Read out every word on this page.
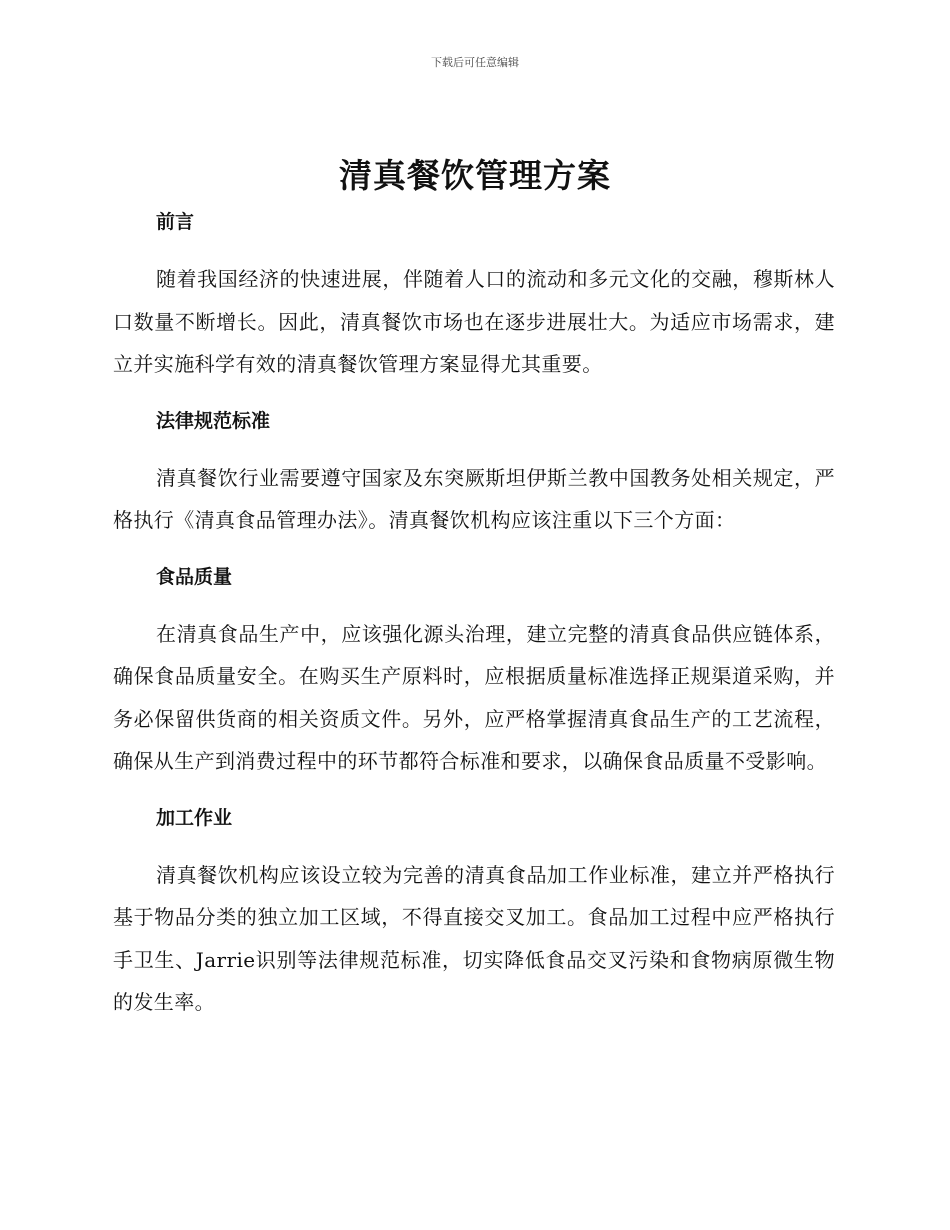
下载后可任意编辑
清真餐饮管理方案
前言

随着我国经济的快速进展，伴随着人口的流动和多元文化的交融，穆斯林人口数量不断增长。因此，清真餐饮市场也在逐步进展壮大。为适应市场需求，建立并实施科学有效的清真餐饮管理方案显得尤其重要。

法律规范标准

清真餐饮行业需要遵守国家及东突厥斯坦伊斯兰教中国教务处相关规定，严格执行《清真食品管理办法》。清真餐饮机构应该注重以下三个方面：

食品质量

在清真食品生产中，应该强化源头治理，建立完整的清真食品供应链体系，确保食品质量安全。在购买生产原料时，应根据质量标准选择正规渠道采购，并务必保留供货商的相关资质文件。另外，应严格掌握清真食品生产的工艺流程，确保从生产到消费过程中的环节都符合标准和要求，以确保食品质量不受影响。

加工作业

清真餐饮机构应该设立较为完善的清真食品加工作业标准，建立并严格执行基于物品分类的独立加工区域，不得直接交叉加工。食品加工过程中应严格执行手卫生、Jarrie识别等法律规范标准，切实降低食品交叉污染和食物病原微生物的发生率。
